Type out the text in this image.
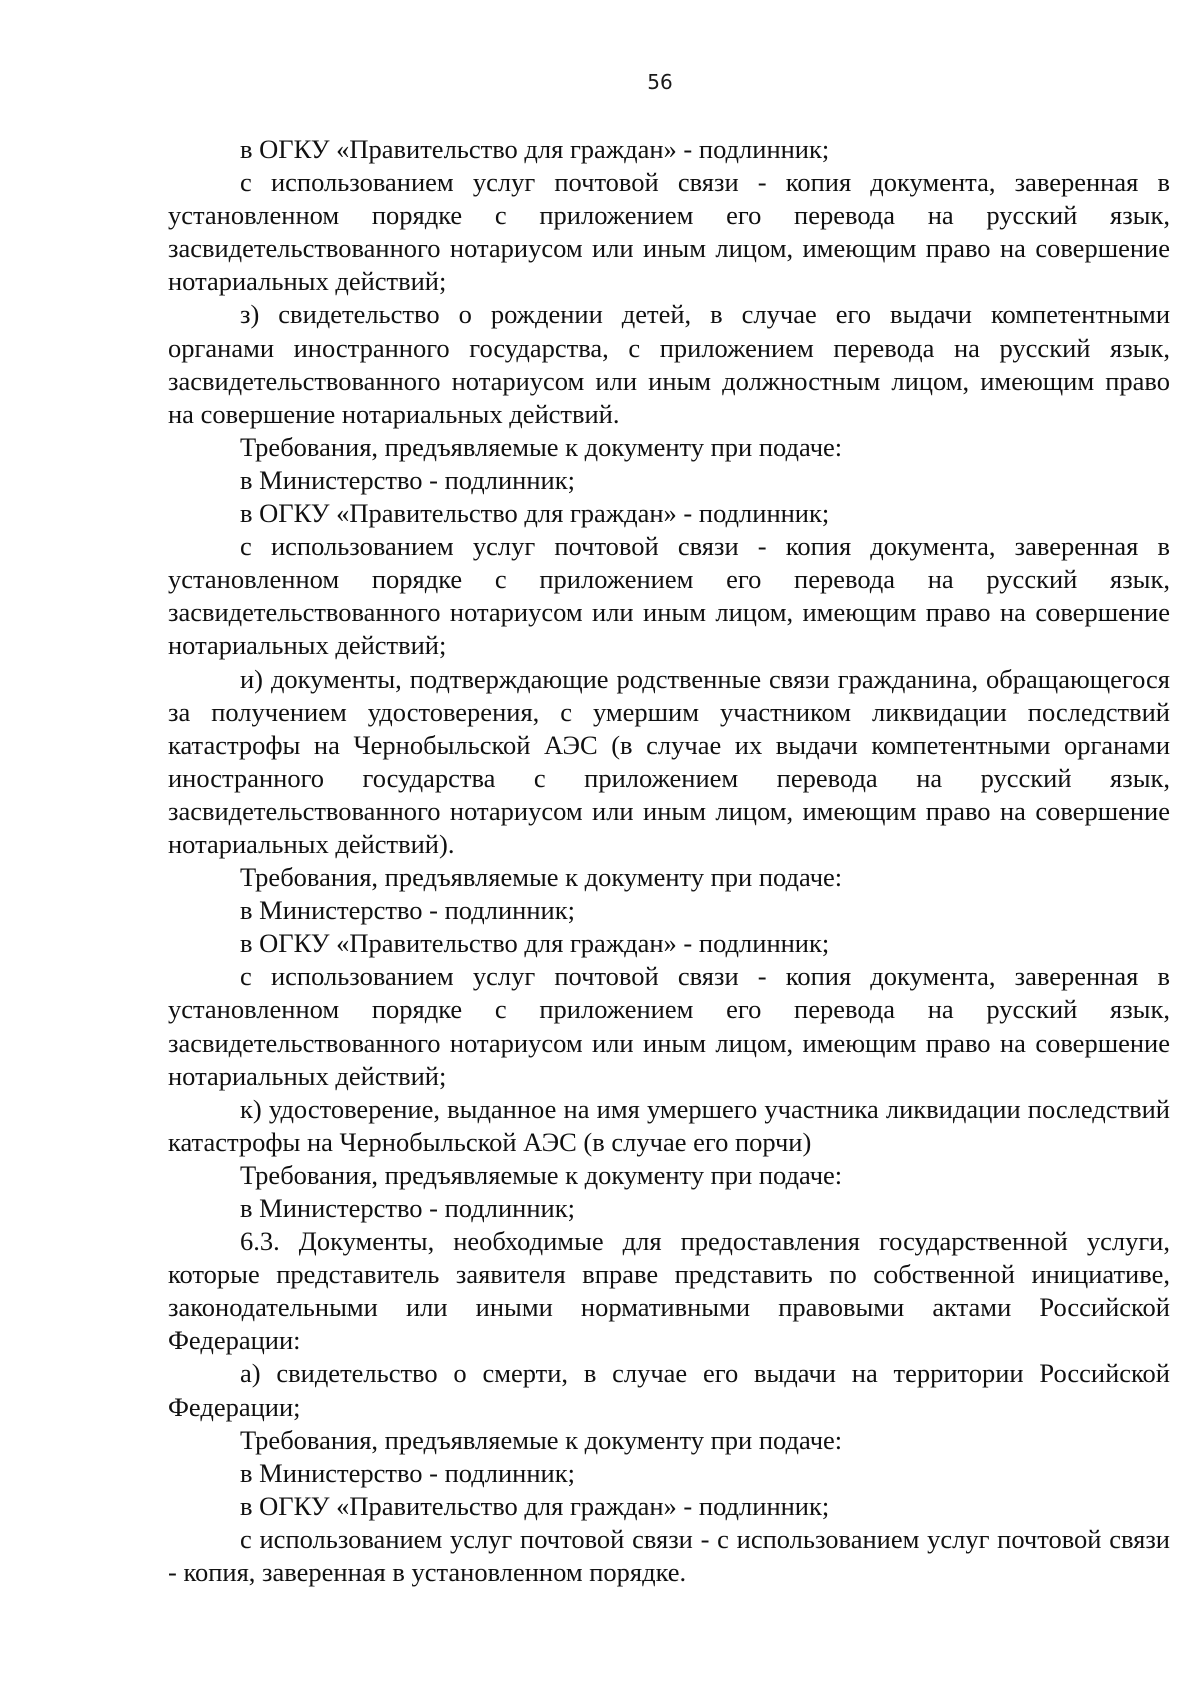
56

в ОГКУ «Правительство для граждан» - подлинник;

с использованием услуг почтовой связи - копия документа, заверенная в установленном порядке с приложением его перевода на русский язык, засвидетельствованного нотариусом или иным лицом, имеющим право на совершение нотариальных действий;

з) свидетельство о рождении детей, в случае его выдачи компетентными органами иностранного государства, с приложением перевода на русский язык, засвидетельствованного нотариусом или иным должностным лицом, имеющим право на совершение нотариальных действий.

Требования, предъявляемые к документу при подаче:

в Министерство - подлинник;

в ОГКУ «Правительство для граждан» - подлинник;

с использованием услуг почтовой связи - копия документа, заверенная в установленном порядке с приложением его перевода на русский язык, засвидетельствованного нотариусом или иным лицом, имеющим право на совершение нотариальных действий;

и) документы, подтверждающие родственные связи гражданина, обращающегося за получением удостоверения, с умершим участником ликвидации последствий катастрофы на Чернобыльской АЭС (в случае их выдачи компетентными органами иностранного государства с приложением перевода на русский язык, засвидетельствованного нотариусом или иным лицом, имеющим право на совершение нотариальных действий).

Требования, предъявляемые к документу при подаче:

в Министерство - подлинник;

в ОГКУ «Правительство для граждан» - подлинник;

с использованием услуг почтовой связи - копия документа, заверенная в установленном порядке с приложением его перевода на русский язык, засвидетельствованного нотариусом или иным лицом, имеющим право на совершение нотариальных действий;

к) удостоверение, выданное на имя умершего участника ликвидации последствий катастрофы на Чернобыльской АЭС (в случае его порчи)

Требования, предъявляемые к документу при подаче:

в Министерство - подлинник;

6.3. Документы, необходимые для предоставления государственной услуги, которые представитель заявителя вправе представить по собственной инициативе, законодательными или иными нормативными правовыми актами Российской Федерации:

а) свидетельство о смерти, в случае его выдачи на территории Российской Федерации;

Требования, предъявляемые к документу при подаче:

в Министерство - подлинник;

в ОГКУ «Правительство для граждан» - подлинник;

с использованием услуг почтовой связи - с использованием услуг почтовой связи - копия, заверенная в установленном порядке.
